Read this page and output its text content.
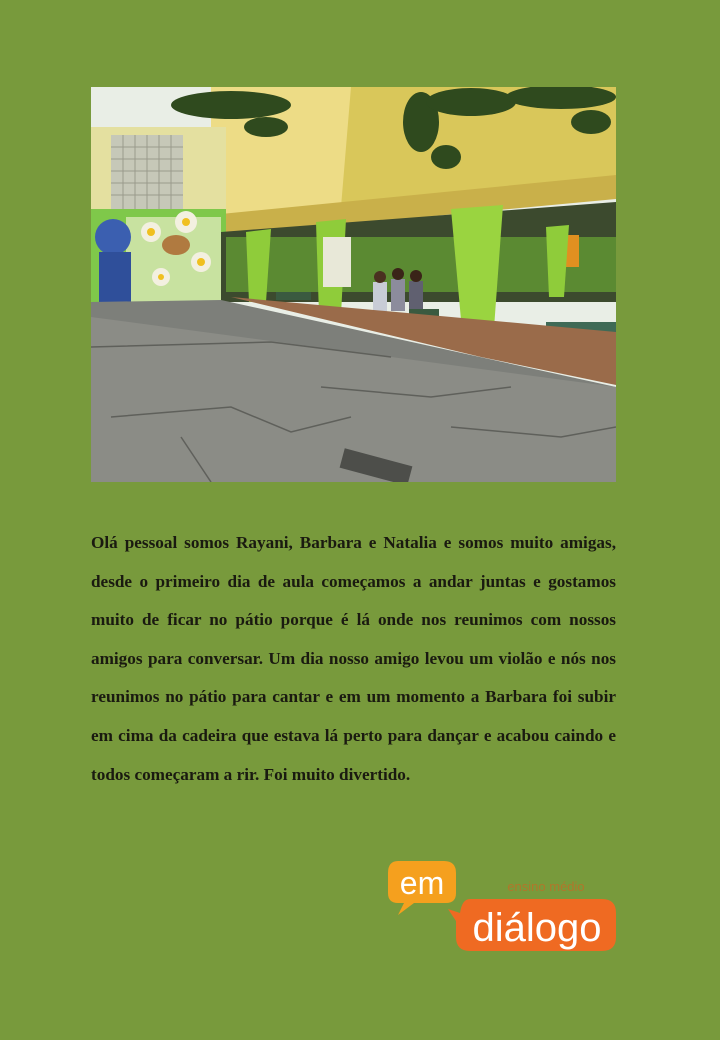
Olá pessoal somos Rayani, Barbara e Natalia e somos muito amigas, desde o primeiro dia de aula começamos a andar juntas e gostamos muito de ficar no pátio porque é lá onde nos reunimos com nossos amigos para conversar. Um dia nosso amigo levou um violão e nós nos reunimos no pátio para cantar e em um momento a Barbara foi subir em cima da cadeira que estava lá perto para dançar e acabou caindo e todos começaram a rir. Foi muito divertido.

em	ensino médio
diálogo
